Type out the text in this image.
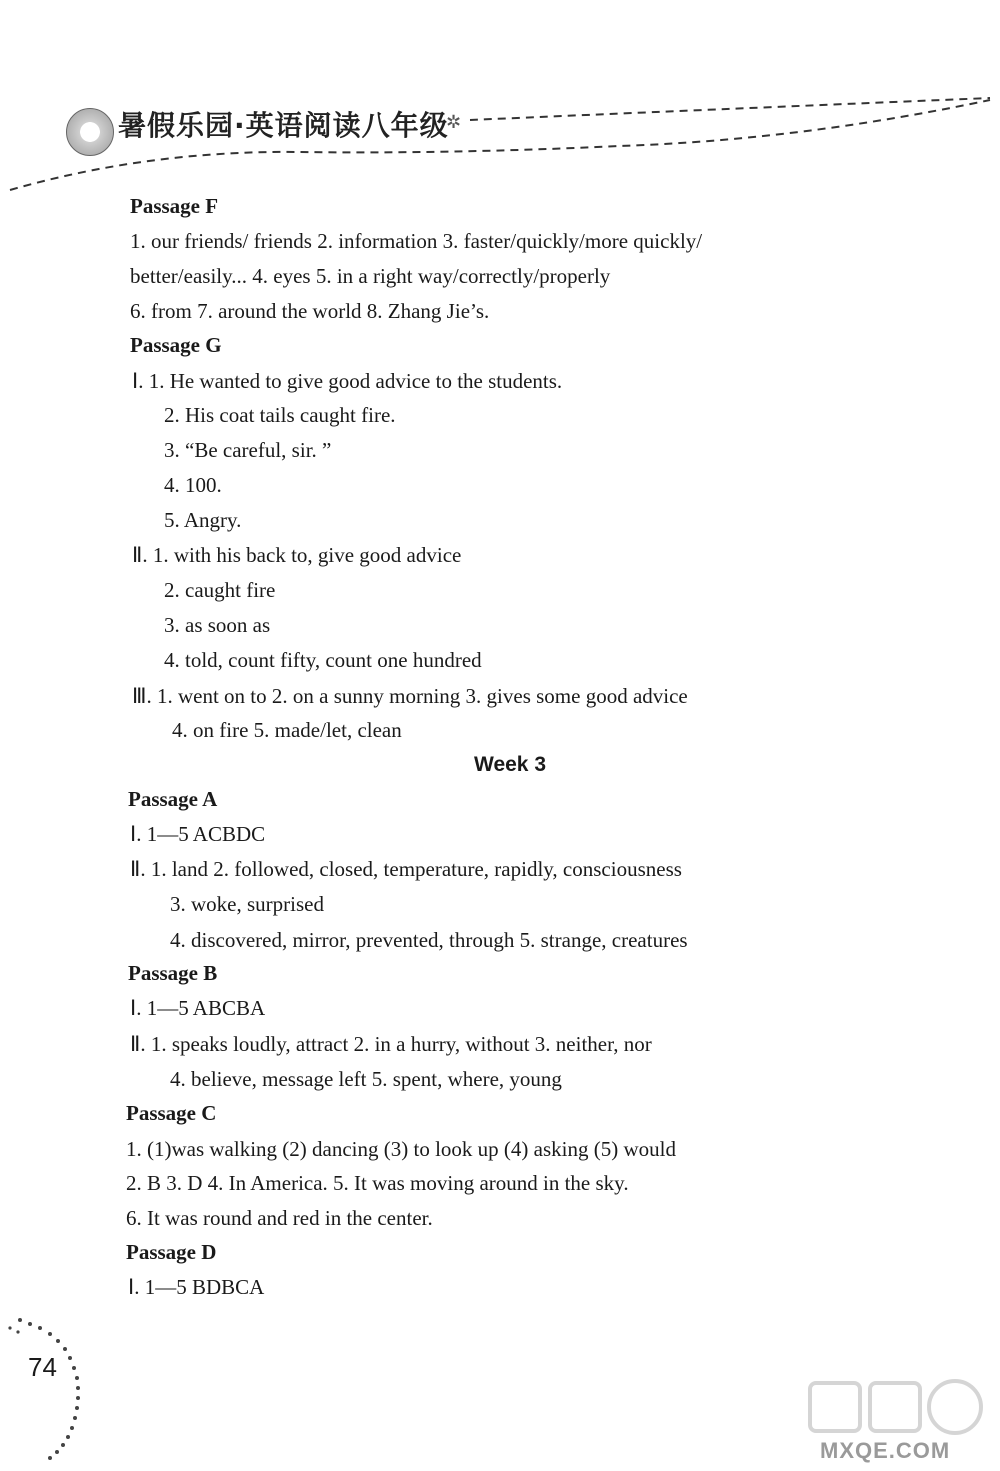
暑假乐园·英语阅读八年级
✲
Passage F
1. our friends/ friends 2. information 3. faster/quickly/more quickly/
better/easily... 4. eyes 5. in a right way/correctly/properly
6. from 7. around the world 8. Zhang Jie’s.
Passage G
Ⅰ. 1. He wanted to give good advice to the students.
2. His coat tails caught fire.
3. “Be careful, sir. ”
4. 100.
5. Angry.
Ⅱ. 1. with his back to, give good advice
2. caught fire
3. as soon as
4. told, count fifty, count one hundred
Ⅲ. 1. went on to 2. on a sunny morning 3. gives some good advice
4. on fire 5. made/let, clean
Week 3
Passage A
Ⅰ. 1—5 ACBDC
Ⅱ. 1. land 2. followed, closed, temperature, rapidly, consciousness
3. woke, surprised
4. discovered, mirror, prevented, through 5. strange, creatures
Passage B
Ⅰ. 1—5 ABCBA
Ⅱ. 1. speaks loudly, attract 2. in a hurry, without 3. neither, nor
4. believe, message left 5. spent, where, young
Passage C
1. (1)was walking (2) dancing (3) to look up (4) asking (5) would
2. B 3. D 4. In America. 5. It was moving around in the sky.
6. It was round and red in the center.
Passage D
Ⅰ. 1—5 BDBCA
74
MXQE.COM
